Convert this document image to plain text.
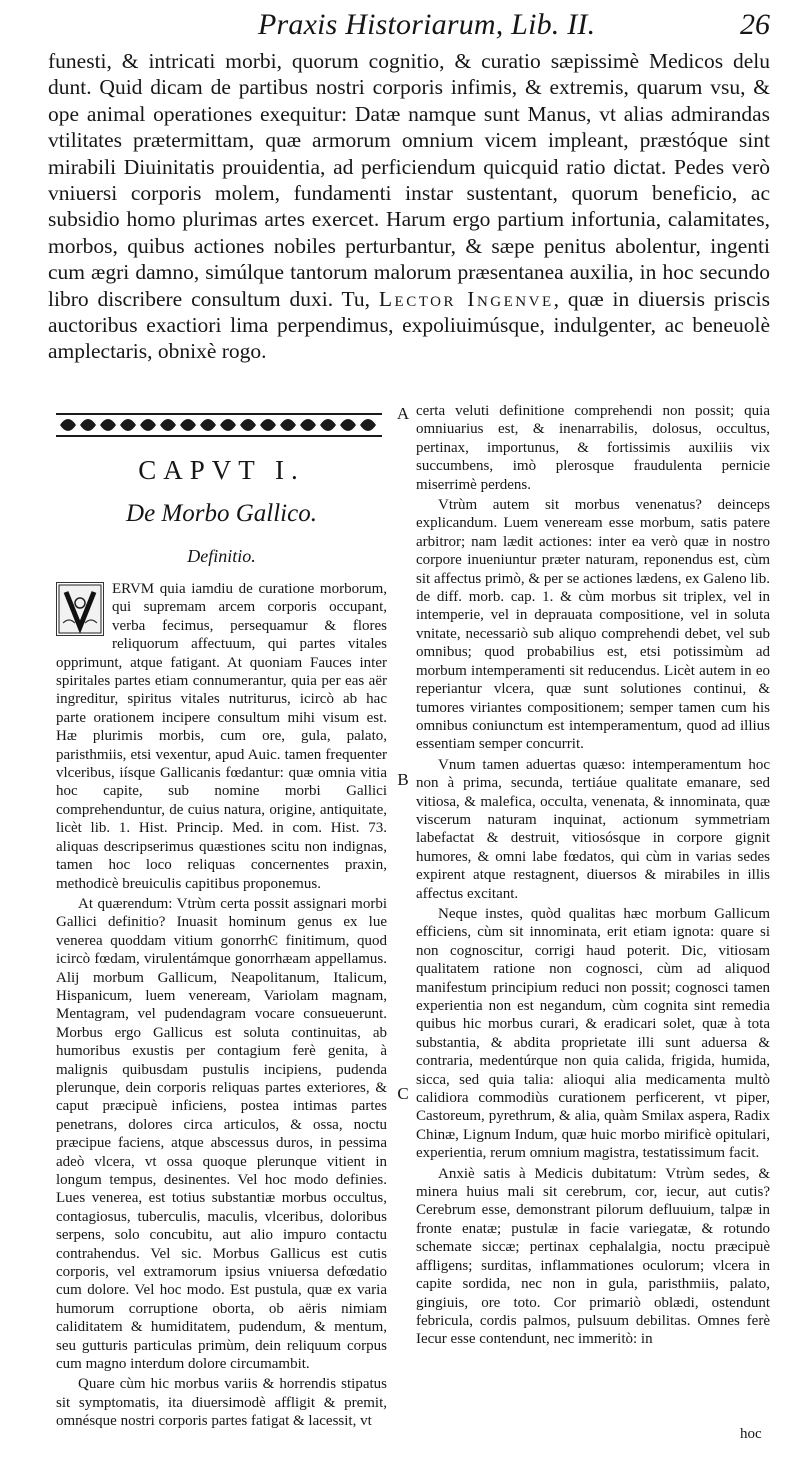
Praxis Historiarum, Lib. II.	26

funesti, & intricati morbi, quorum cognitio, & curatio sæpissimè Medicos delu dunt. Quid dicam de partibus nostri corporis infimis, & extremis, quarum vsu, & ope animal operationes exequitur: Datæ namque sunt Manus, vt alias admirandas vtilitates prætermittam, quæ armorum omnium vicem impleant, præstóque sint mirabili Diuinitatis prouidentia, ad perficiendum quicquid ratio dictat. Pedes verò vniuersi corporis molem, fundamenti instar sustentant, quorum beneficio, ac subsidio homo plurimas artes exercet. Harum ergo partium infortunia, calamitates, morbos, quibus actiones nobiles perturbantur, & sæpe penitus abolentur, ingenti cum ægri damno, simúlque tantorum malorum præsentanea auxilia, in hoc secundo libro discribere consultum duxi. Tu, Lector Ingenve, quæ in diuersis priscis auctoribus exactiori lima perpendimus, expoliuimúsque, indulgenter, ac beneuolè amplectaris, obnixè rogo.

A
B
C
CAPVT I.
De Morbo Gallico.
Definitio.

ERVM quia iamdiu de curatione morborum, qui supremam arcem corporis occupant, verba fecimus, persequamur & flores reliquorum affectuum, qui partes vitales opprimunt, atque fatigant. At quoniam Fauces inter spiritales partes etiam connumerantur, quia per eas aër ingreditur, spiritus vitales nutriturus, icircò ab hac parte orationem incipere consultum mihi visum est. Hæ plurimis morbis, cum ore, gula, palato, paristhmiis, etsi vexentur, apud Auic. tamen frequenter vlceribus, iísque Gallicanis fœdantur: quæ omnia vitia hoc capite, sub nomine morbi Gallici comprehenduntur, de cuius natura, origine, antiquitate, licèt lib. 1. Hist. Princip. Med. in com. Hist. 73. aliquas descripserimus quæstiones scitu non indignas, tamen hoc loco reliquas concernentes praxin, methodicè breuiculis capitibus proponemus.

At quærendum: Vtrùm certa possit assignari morbi Gallici definitio? Inuasit hominum genus ex lue venerea quoddam vitium gonorrhϾ finitimum, quod icircò fœdam, virulentámque gonorrhæam appellamus. Alij morbum Gallicum, Neapolitanum, Italicum, Hispanicum, luem veneream, Variolam magnam, Mentagram, vel pudendagram vocare consueuerunt. Morbus ergo Gallicus est soluta continuitas, ab humoribus exustis per contagium ferè genita, à malignis quibusdam pustulis incipiens, pudenda plerunque, dein corporis reliquas partes exteriores, & caput præcipuè inficiens, postea intimas partes penetrans, dolores circa articulos, & ossa, noctu præcipue faciens, atque abscessus duros, in pessima adeò vlcera, vt ossa quoque plerunque vitient in longum tempus, desinentes. Vel hoc modo definies. Lues venerea, est totius substantiæ morbus occultus, contagiosus, tuberculis, maculis, vlceribus, doloribus serpens, solo concubitu, aut alio impuro contactu contrahendus. Vel sic. Morbus Gallicus est cutis corporis, vel extramorum ipsius vniuersa defœdatio cum dolore. Vel hoc modo. Est pustula, quæ ex varia humorum corruptione oborta, ob aëris nimiam caliditatem & humiditatem, pudendum, & mentum, seu gutturis particulas primùm, dein reliquum corpus cum magno interdum dolore circumambit.

Quare cùm hic morbus variis & horrendis stipatus sit symptomatis, ita diuersimodè affligit & premit, omnésque nostri corporis partes fatigat & lacessit, vt

certa veluti definitione comprehendi non possit; quia omniuarius est, & inenarrabilis, dolosus, occultus, pertinax, importunus, & fortissimis auxiliis vix succumbens, imò plerosque fraudulenta pernicie miserrimè perdens.

Vtrùm autem sit morbus venenatus? deinceps explicandum. Luem veneream esse morbum, satis patere arbitror; nam lædit actiones: inter ea verò quæ in nostro corpore inueniuntur præter naturam, reponendus est, cùm sit affectus primò, & per se actiones lædens, ex Galeno lib. de diff. morb. cap. 1. & cùm morbus sit triplex, vel in intemperie, vel in deprauata compositione, vel in soluta vnitate, necessariò sub aliquo comprehendi debet, vel sub omnibus; quod probabilius est, etsi potissimùm ad morbum intemperamenti sit reducendus. Licèt autem in eo reperiantur vlcera, quæ sunt solutiones continui, & tumores viriantes compositionem; semper tamen cum his omnibus coniunctum est intemperamentum, quod ad illius essentiam semper concurrit.

Vnum tamen aduertas quæso: intemperamentum hoc non à prima, secunda, tertiáue qualitate emanare, sed vitiosa, & malefica, occulta, venenata, & innominata, quæ viscerum naturam inquinat, actionum symmetriam labefactat & destruit, vitiosósque in corpore gignit humores, & omni labe fœdatos, qui cùm in varias sedes expirent atque restagnent, diuersos & mirabiles in illis affectus excitant.

Neque instes, quòd qualitas hæc morbum Gallicum efficiens, cùm sit innominata, erit etiam ignota: quare si non cognoscitur, corrigi haud poterit. Dic, vitiosam qualitatem ratione non cognosci, cùm ad aliquod manifestum principium reduci non possit; cognosci tamen experientia non est negandum, cùm cognita sint remedia quibus hic morbus curari, & eradicari solet, quæ à tota substantia, & abdita proprietate illi sunt aduersa & contraria, medentúrque non quia calida, frigida, humida, sicca, sed quia talia: alioqui alia medicamenta multò calidiora commodiùs curationem perficerent, vt piper, Castoreum, pyrethrum, & alia, quàm Smilax aspera, Radix Chinæ, Lignum Indum, quæ huic morbo mirificè opitulari, experientia, rerum omnium magistra, testatissimum facit.

Anxiè satis à Medicis dubitatum: Vtrùm sedes, & minera huius mali sit cerebrum, cor, iecur, aut cutis? Cerebrum esse, demonstrant pilorum defluuium, talpæ in fronte enatæ; pustulæ in facie variegatæ, & rotundo schemate siccæ; pertinax cephalalgia, noctu præcipuè affligens; surditas, inflammationes oculorum; vlcera in capite sordida, nec non in gula, paristhmiis, palato, gingiuis, ore toto. Cor primariò oblædi, ostendunt febricula, cordis palmos, pulsuum debilitas. Omnes ferè Iecur esse contendunt, nec immeritò: in

hoc
